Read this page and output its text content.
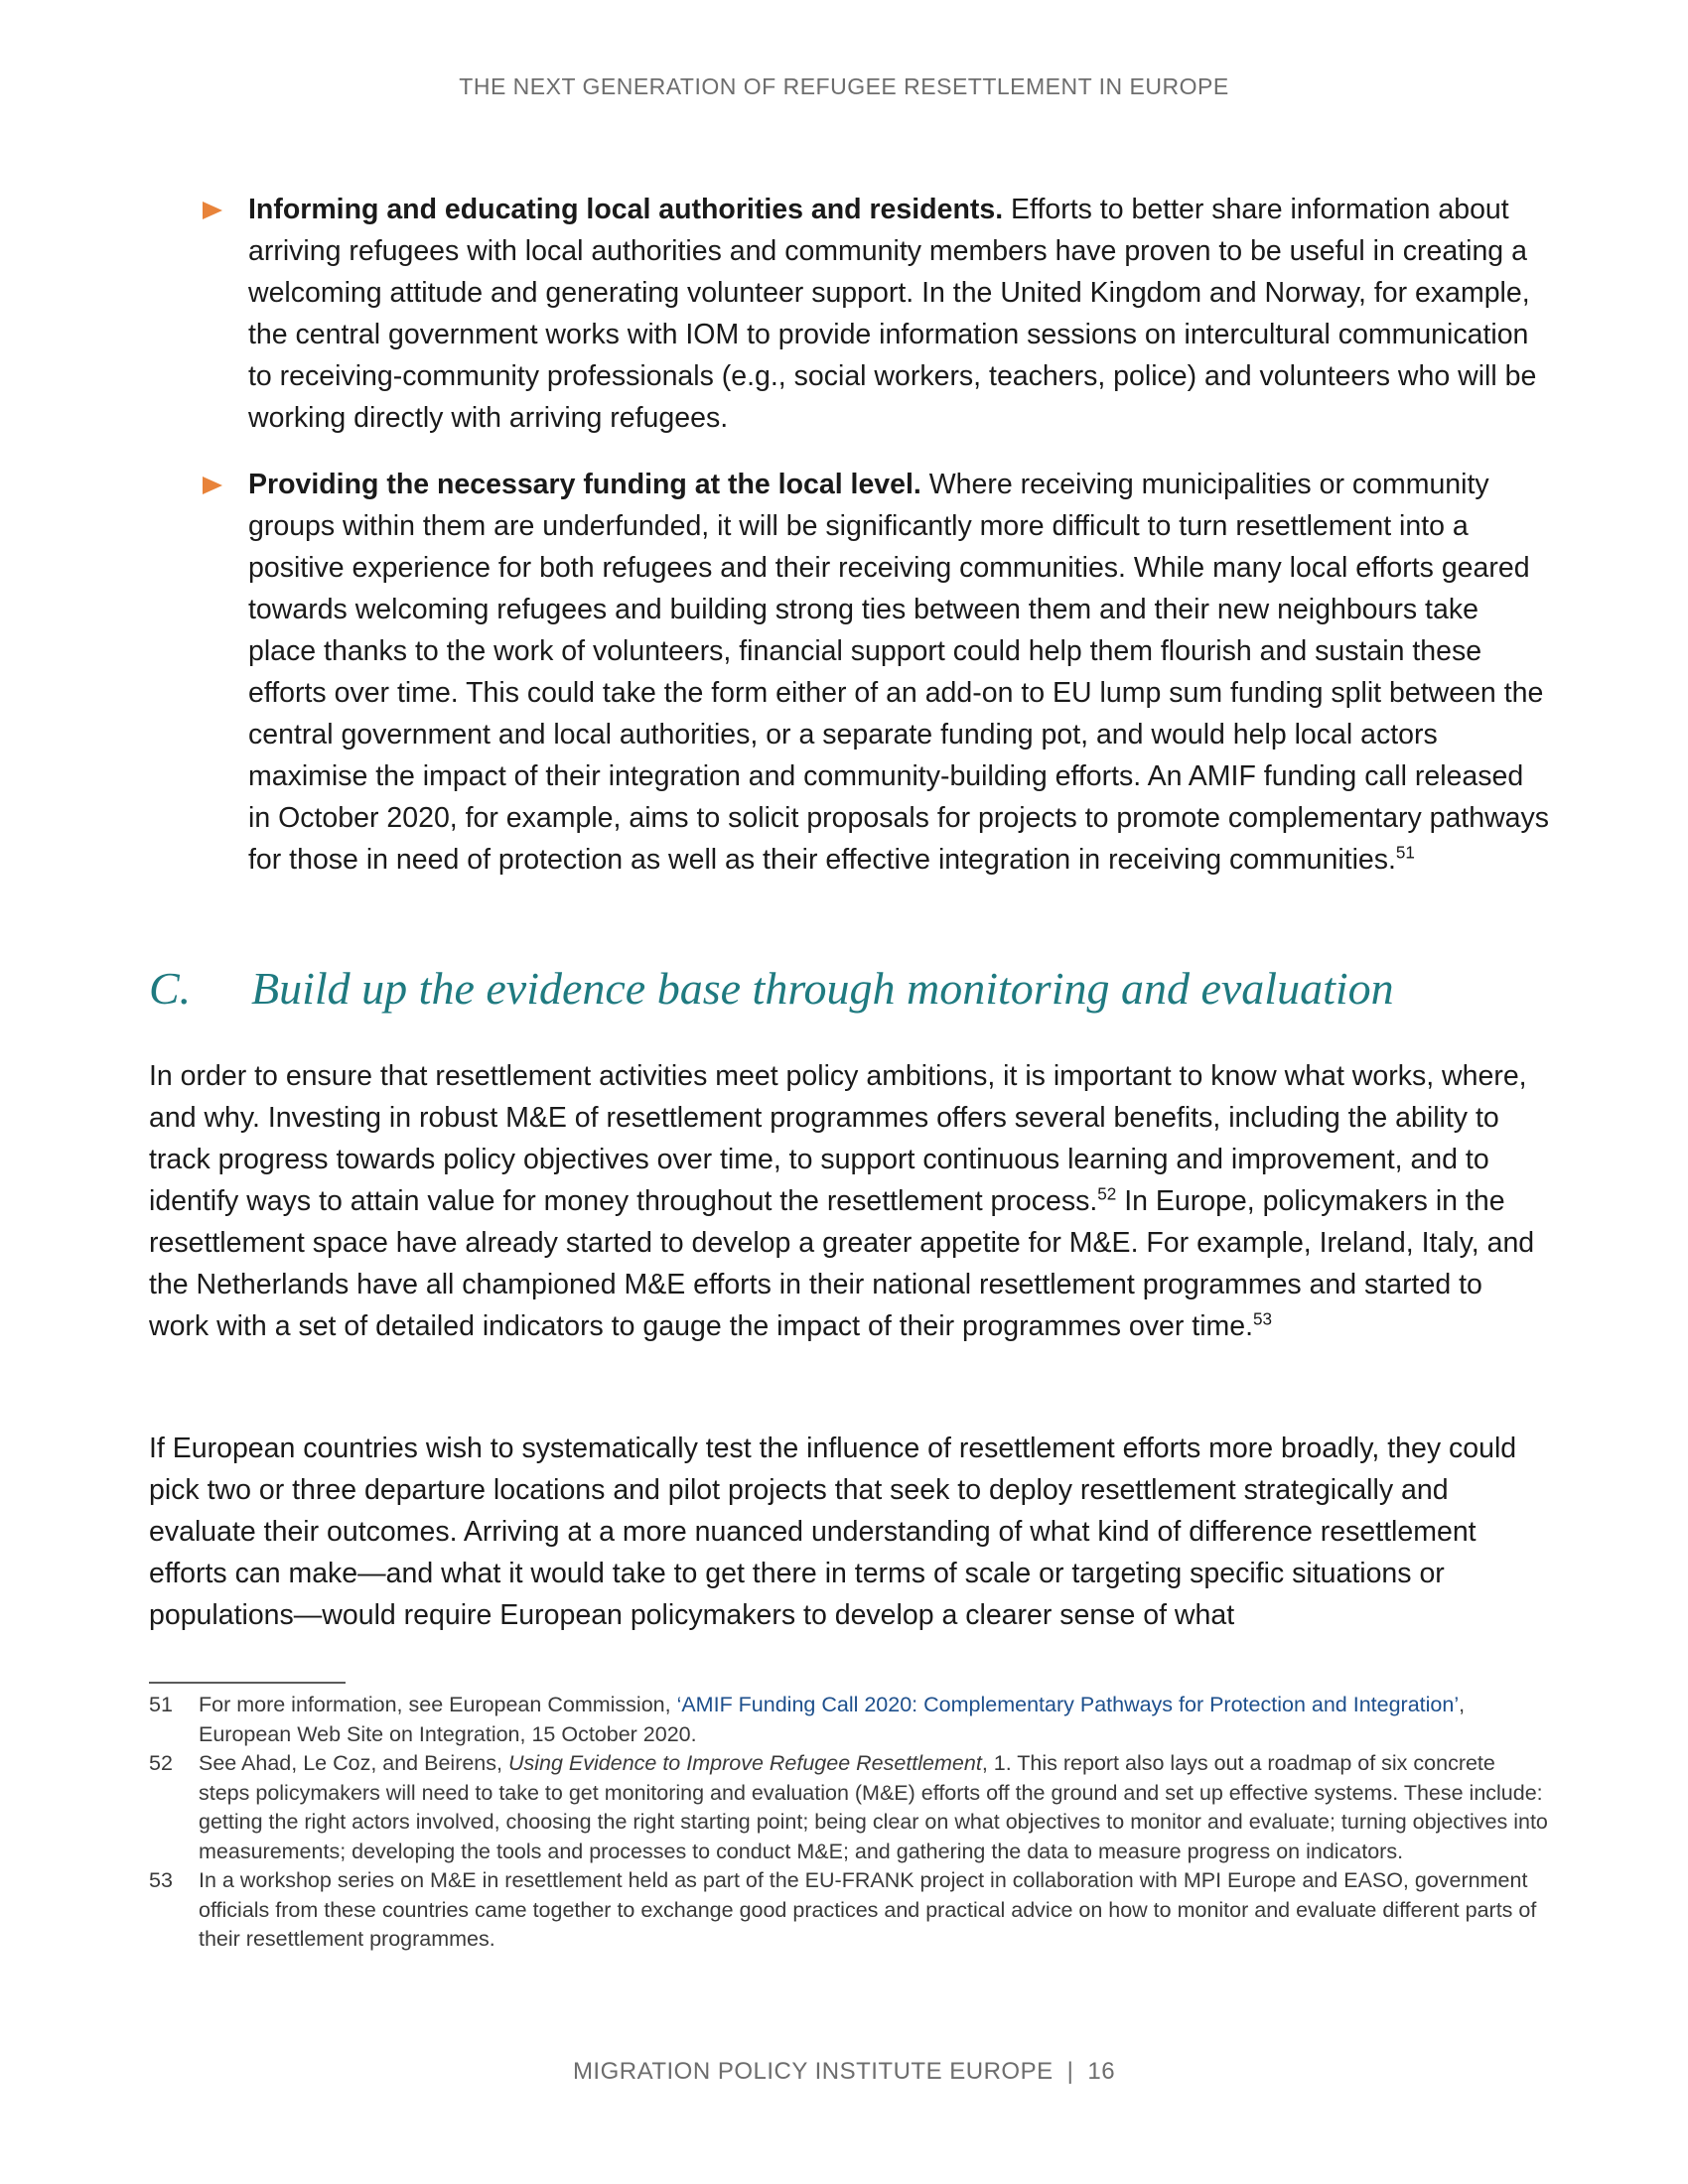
THE NEXT GENERATION OF REFUGEE RESETTLEMENT IN EUROPE
Informing and educating local authorities and residents. Efforts to better share information about arriving refugees with local authorities and community members have proven to be useful in creating a welcoming attitude and generating volunteer support. In the United Kingdom and Norway, for example, the central government works with IOM to provide information sessions on intercultural communication to receiving-community professionals (e.g., social workers, teachers, police) and volunteers who will be working directly with arriving refugees.
Providing the necessary funding at the local level. Where receiving municipalities or community groups within them are underfunded, it will be significantly more difficult to turn resettlement into a positive experience for both refugees and their receiving communities. While many local efforts geared towards welcoming refugees and building strong ties between them and their new neighbours take place thanks to the work of volunteers, financial support could help them flourish and sustain these efforts over time. This could take the form either of an add-on to EU lump sum funding split between the central government and local authorities, or a separate funding pot, and would help local actors maximise the impact of their integration and community-building efforts. An AMIF funding call released in October 2020, for example, aims to solicit proposals for projects to promote complementary pathways for those in need of protection as well as their effective integration in receiving communities.$^{51}$
C. Build up the evidence base through monitoring and evaluation

In order to ensure that resettlement activities meet policy ambitions, it is important to know what works, where, and why. Investing in robust M&E of resettlement programmes offers several benefits, including the ability to track progress towards policy objectives over time, to support continuous learning and improvement, and to identify ways to attain value for money throughout the resettlement process.$^{52}$ In Europe, policymakers in the resettlement space have already started to develop a greater appetite for M&E. For example, Ireland, Italy, and the Netherlands have all championed M&E efforts in their national resettlement programmes and started to work with a set of detailed indicators to gauge the impact of their programmes over time.$^{53}$

If European countries wish to systematically test the influence of resettlement efforts more broadly, they could pick two or three departure locations and pilot projects that seek to deploy resettlement strategically and evaluate their outcomes. Arriving at a more nuanced understanding of what kind of difference resettlement efforts can make—and what it would take to get there in terms of scale or targeting specific situations or populations—would require European policymakers to develop a clearer sense of what

51 For more information, see European Commission, ‘AMIF Funding Call 2020: Complementary Pathways for Protection and Integration’, European Web Site on Integration, 15 October 2020.
52 See Ahad, Le Coz, and Beirens, Using Evidence to Improve Refugee Resettlement, 1. This report also lays out a roadmap of six concrete steps policymakers will need to take to get monitoring and evaluation (M&E) efforts off the ground and set up effective systems. These include: getting the right actors involved, choosing the right starting point; being clear on what objectives to monitor and evaluate; turning objectives into measurements; developing the tools and processes to conduct M&E; and gathering the data to measure progress on indicators.
53 In a workshop series on M&E in resettlement held as part of the EU-FRANK project in collaboration with MPI Europe and EASO, government officials from these countries came together to exchange good practices and practical advice on how to monitor and evaluate different parts of their resettlement programmes.
MIGRATION POLICY INSTITUTE EUROPE | 16
